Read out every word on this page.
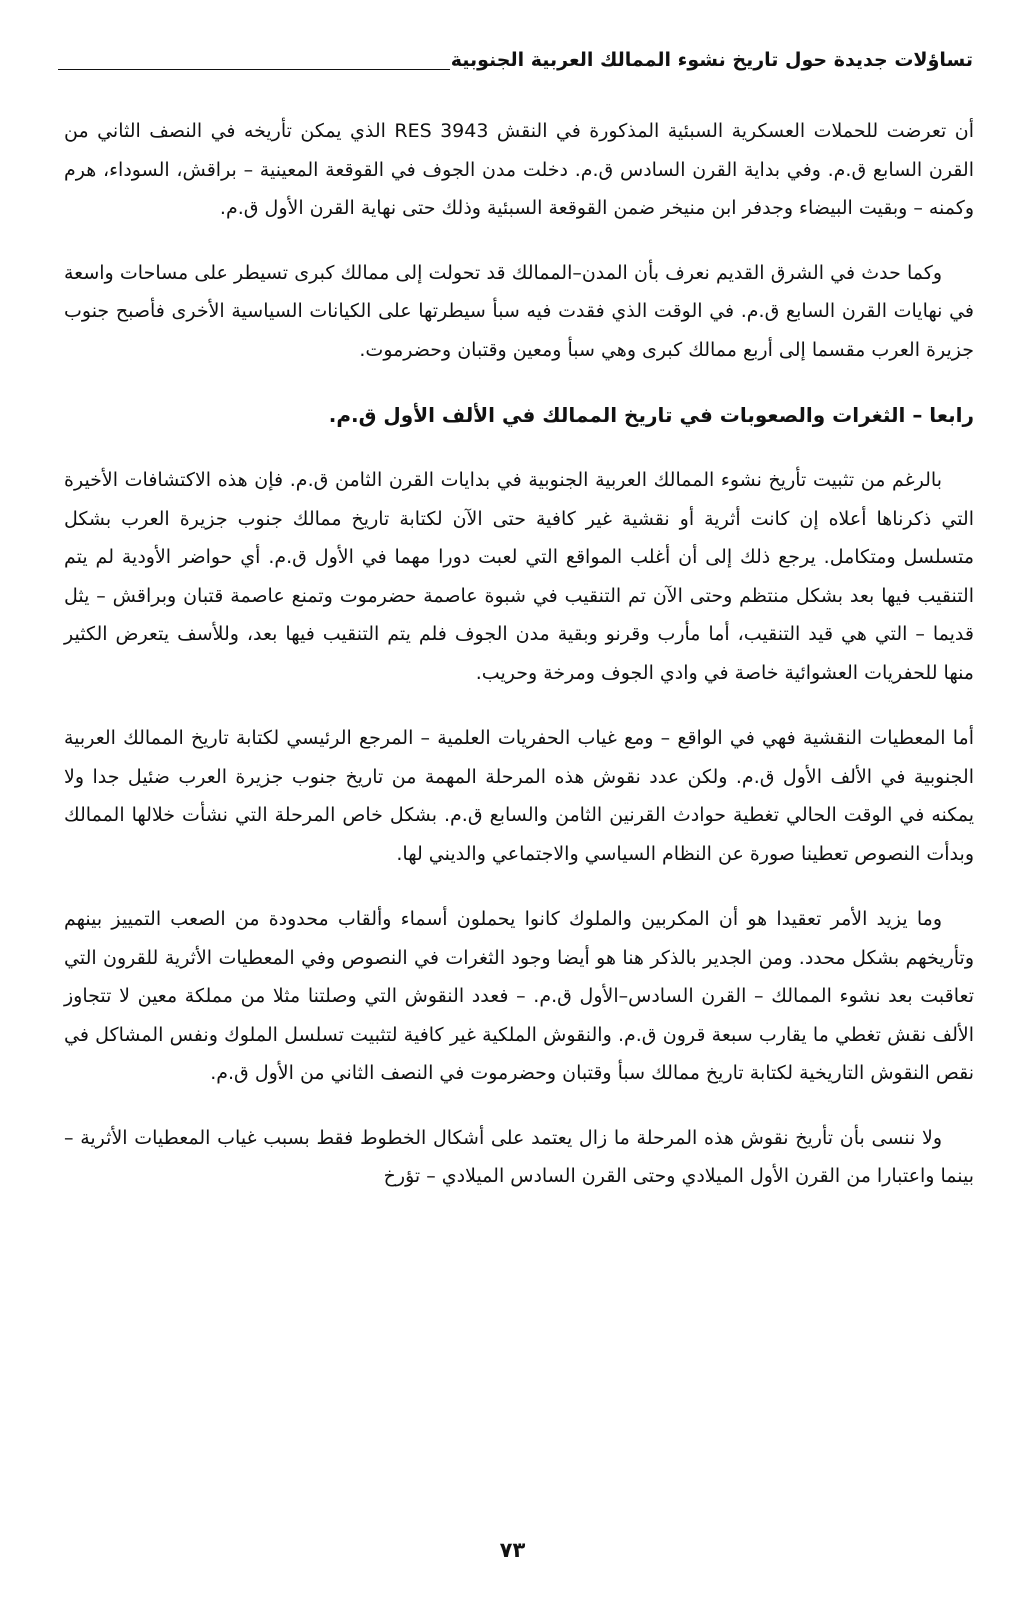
تساؤلات جديدة حول تاريخ نشوء الممالك العربية الجنوبية

أن تعرضت للحملات العسكرية السبئية المذكورة في النقش RES 3943 الذي يمكن تأريخه في النصف الثاني من القرن السابع ق.م. وفي بداية القرن السادس ق.م. دخلت مدن الجوف في القوقعة المعينية – براقش، السوداء، هرم وكمنه – وبقيت البيضاء وجدفر ابن منيخر ضمن القوقعة السبئية وذلك حتى نهاية القرن الأول ق.م.

وكما حدث في الشرق القديم نعرف بأن المدن–الممالك قد تحولت إلى ممالك كبرى تسيطر على مساحات واسعة في نهايات القرن السابع ق.م. في الوقت الذي فقدت فيه سبأ سيطرتها على الكيانات السياسية الأخرى فأصبح جنوب جزيرة العرب مقسما إلى أربع ممالك كبرى وهي سبأ ومعين وقتبان وحضرموت.

رابعا – الثغرات والصعوبات في تاريخ الممالك في الألف الأول ق.م.

بالرغم من تثبيت تأريخ نشوء الممالك العربية الجنوبية في بدايات القرن الثامن ق.م. فإن هذه الاكتشافات الأخيرة التي ذكرناها أعلاه إن كانت أثرية أو نقشية غير كافية حتى الآن لكتابة تاريخ ممالك جنوب جزيرة العرب بشكل متسلسل ومتكامل. يرجع ذلك إلى أن أغلب المواقع التي لعبت دورا مهما في الأول ق.م. أي حواضر الأودية لم يتم التنقيب فيها بعد بشكل منتظم وحتى الآن تم التنقيب في شبوة عاصمة حضرموت وتمنع عاصمة قتبان وبراقش – يثل قديما – التي هي قيد التنقيب، أما مأرب وقرنو وبقية مدن الجوف فلم يتم التنقيب فيها بعد، وللأسف يتعرض الكثير منها للحفريات العشوائية خاصة في وادي الجوف ومرخة وحريب.

أما المعطيات النقشية فهي في الواقع – ومع غياب الحفريات العلمية – المرجع الرئيسي لكتابة تاريخ الممالك العربية الجنوبية في الألف الأول ق.م. ولكن عدد نقوش هذه المرحلة المهمة من تاريخ جنوب جزيرة العرب ضئيل جدا ولا يمكنه في الوقت الحالي تغطية حوادث القرنين الثامن والسابع ق.م. بشكل خاص المرحلة التي نشأت خلالها الممالك وبدأت النصوص تعطينا صورة عن النظام السياسي والاجتماعي والديني لها.

وما يزيد الأمر تعقيدا هو أن المكربين والملوك كانوا يحملون أسماء وألقاب محدودة من الصعب التمييز بينهم وتأريخهم بشكل محدد. ومن الجدير بالذكر هنا هو أيضا وجود الثغرات في النصوص وفي المعطيات الأثرية للقرون التي تعاقبت بعد نشوء الممالك – القرن السادس–الأول ق.م. – فعدد النقوش التي وصلتنا مثلا من مملكة معين لا تتجاوز الألف نقش تغطي ما يقارب سبعة قرون ق.م. والنقوش الملكية غير كافية لتثبيت تسلسل الملوك ونفس المشاكل في نقص النقوش التاريخية لكتابة تاريخ ممالك سبأ وقتبان وحضرموت في النصف الثاني من الأول ق.م.

ولا ننسى بأن تأريخ نقوش هذه المرحلة ما زال يعتمد على أشكال الخطوط فقط بسبب غياب المعطيات الأثرية – بينما واعتبارا من القرن الأول الميلادي وحتى القرن السادس الميلادي – تؤرخ

٧٣
